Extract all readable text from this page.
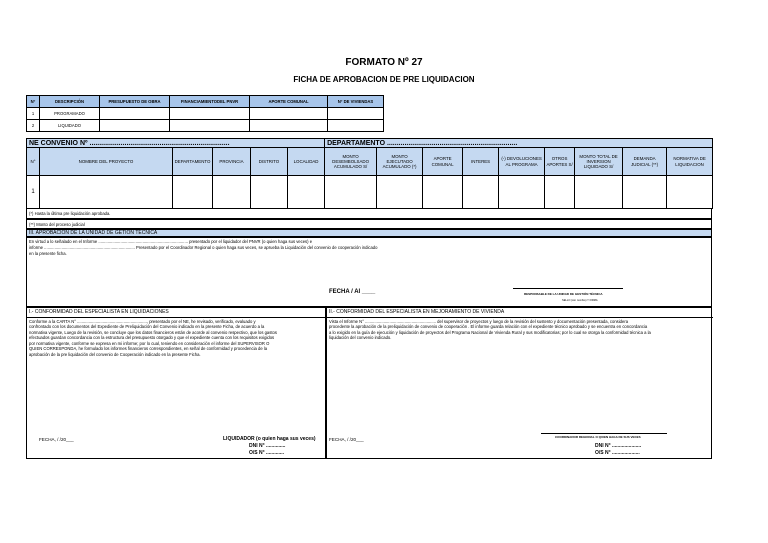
FORMATO Nº 27
FICHA DE APROBACION DE PRE LIQUIDACION
N°	DESCRIPCIÓN	PRESUPUESTO DE OBRA	FINANCIAMIENTODEL PNVR	APORTE COMUNAL	N° DE VIVIENDAS
1	PROGRAMADO				
2	LIQUIDADO				
NE CONVENIO Nº ........................................................................						DEPARTAMENTO ...................................................................								
N°	NOMBRE DEL PROYECTO	DEPARTAMENTO	PROVINCIA	DISTRITO	LOCALIDAD	MONTO DESEMBOLSADO ACUMULADO S/	MONTO EJECUTADO ACUMULADO (*)	APORTE COMUNAL	INTERES	(-) DEVOLUCIONES AL PROGRAMA	OTROS APORTES S/	MONTO TOTAL DE INVERSION LIQUIDADO S/	DEMANDA JUDICIAL (**)	NORMATIVA DE LIQUIDACION
1														
(*) Hasta la última pre liquidación aprobada.
(**) Monto del proceso judicial
III. APROBACION DE LA UNIDAD DE GETIÓN TÉCNICA
En virtud a lo señalado en el Informe ............................................................................. presentado por el liquidador del PNVR (o quien haga sus veces) e
informe .............................................................................. Presentado por el Coordinador Regional o quien haga sus veces, se aprueba la Liquidación del convenio de cooperación indicado
en la presente ficha.
FECHA / Al ____	RESPONSABLE DE LA UNIDAD DE GESTIÓN TÉCNICA
SELLO (con nombre) Y FIRMA
I.- CONFORMIDAD DEL ESPECIALISTA EN LIQUIDACIONES
Conforme a la CARTA N° ............................................................, presentado por el NE, he revisado, verificado, evaluado y
confrontado con los documentos del Expediente de Preliquidación del Convenio indicado en la presente Ficha, de acuerdo a la
normativa vigente, Luego de la revisión, se concluye que los datos financieros están de acorde al convenio respectivo, que los gastos
efectuados guardan concordancia con la estructura del presupuesto otorgado y que el expediente cuenta con los requisitos exigidos
por normativa vigente, conforme se expresa en mi informe; por lo cual, teniendo en consideración el informe del SUPERVISOR O
QUIEN CORRESPONDA, he formulado los informes financieros correspondientes, en señal de conformidad y procedencia de la
aprobación de la pre liquidación del convenio de Cooperación indicado en la presente Ficha.
FECHA, / /20___	LIQUIDADOR (o quien haga sus veces)
DNI N° ..............
O/S N° .............
II.- CONFORMIDAD DEL ESPECIALISTA EN MEJORAMIENTO DE VIVIENDA
Vista el Informe N° ............................................................. del supervisor de proyectos y luego de la revisión del sustento y documentación presentada, considera
procedente la aprobación de la preliquidación de convenio de cooperación . El informe guarda relación con el expediente técnico aprobado y se encuentra en concordancia
a lo exigido en la guía de ejecución y liquidación de proyectos del Programa Nacional de Vivienda Rural y sus modificatorias; por lo cual se otorga la conformidad técnica a la
liquidación del convenio indicado.
FECHA, / /20___	COORDINADOR REGIONAL O QUIEN HAGA DE SUS VECES
DNI N° .....................
O/S N° ....................
